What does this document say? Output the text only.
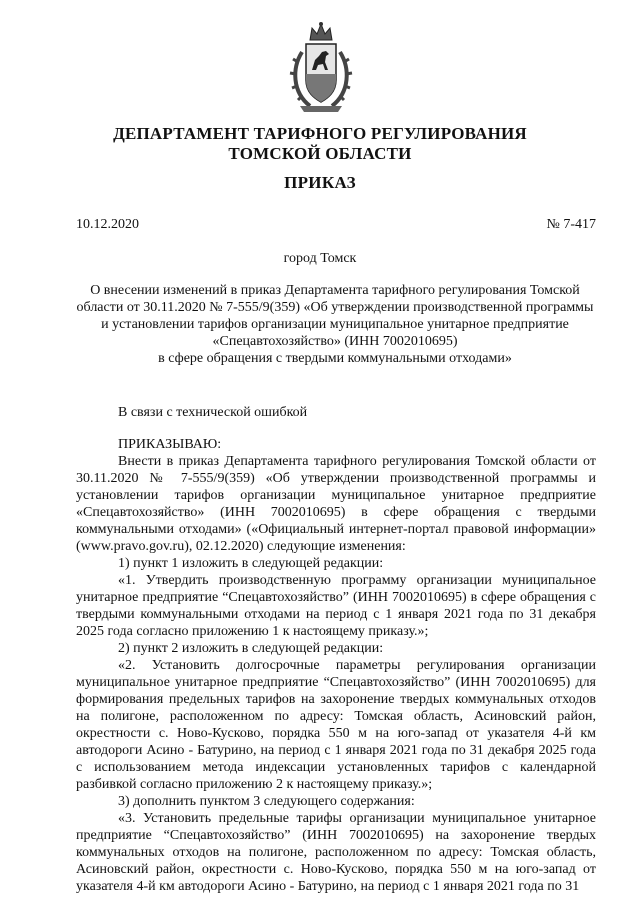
ДЕПАРТАМЕНТ ТАРИФНОГО РЕГУЛИРОВАНИЯ
ТОМСКОЙ ОБЛАСТИ
ПРИКАЗ
10.12.2020	№ 7-417
город Томск
О внесении изменений в приказ Департамента тарифного регулирования Томской
области от 30.11.2020 № 7-555/9(359) «Об утверждении производственной программы
и установлении тарифов организации муниципальное унитарное предприятие
«Спецавтохозяйство» (ИНН 7002010695)
в сфере обращения с твердыми коммунальными отходами»

В связи с технической ошибкой

ПРИКАЗЫВАЮ:

Внести в приказ Департамента тарифного регулирования Томской области от 30.11.2020 № 7-555/9(359) «Об утверждении производственной программы и установлении тарифов организации муниципальное унитарное предприятие «Спецавтохозяйство» (ИНН 7002010695) в сфере обращения с твердыми коммунальными отходами» («Официальный интернет-портал правовой информации» (www.pravo.gov.ru), 02.12.2020) следующие изменения:

1) пункт 1 изложить в следующей редакции:

«1. Утвердить производственную программу организации муниципальное унитарное предприятие “Спецавтохозяйство” (ИНН 7002010695) в сфере обращения с твердыми коммунальными отходами на период с 1 января 2021 года по 31 декабря 2025 года согласно приложению 1 к настоящему приказу.»;

2) пункт 2 изложить в следующей редакции:

«2. Установить долгосрочные параметры регулирования организации муниципальное унитарное предприятие “Спецавтохозяйство” (ИНН 7002010695) для формирования предельных тарифов на захоронение твердых коммунальных отходов на полигоне, расположенном по адресу: Томская область, Асиновский район, окрестности с. Ново-Кусково, порядка 550 м на юго-запад от указателя 4-й км автодороги Асино - Батурино, на период с 1 января 2021 года по 31 декабря 2025 года с использованием метода индексации установленных тарифов с календарной разбивкой согласно приложению 2 к настоящему приказу.»;

3) дополнить пунктом 3 следующего содержания:

«3. Установить предельные тарифы организации муниципальное унитарное предприятие “Спецавтохозяйство” (ИНН 7002010695) на захоронение твердых коммунальных отходов на полигоне, расположенном по адресу: Томская область, Асиновский район, окрестности с. Ново-Кусково, порядка 550 м на юго-запад от указателя 4-й км автодороги Асино - Батурино, на период с 1 января 2021 года по 31
